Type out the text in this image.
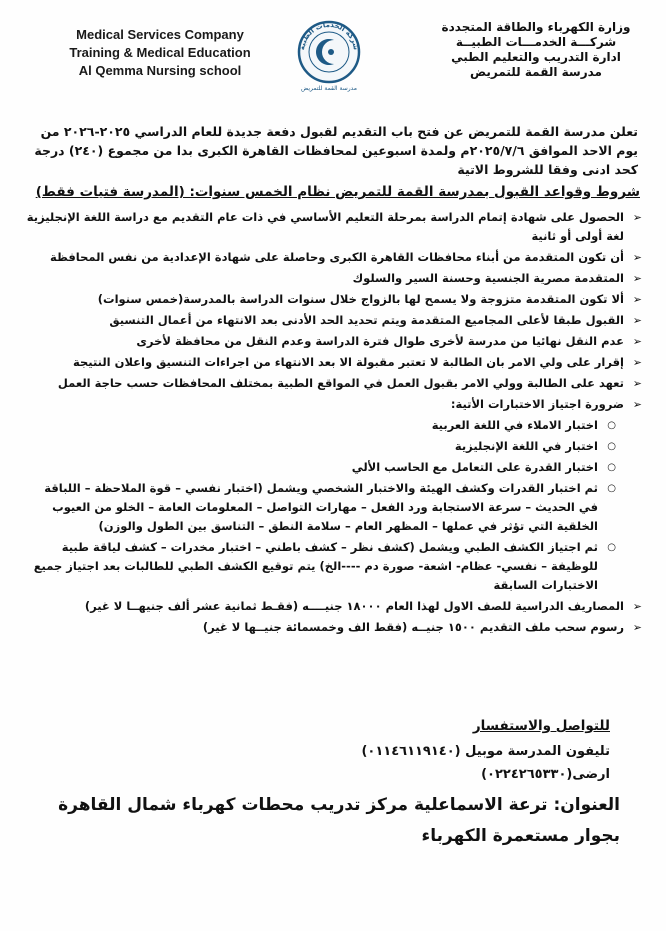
Medical Services Company
Training & Medical Education
Al Qemma Nursing school
شركة الخدمات الطبية
مدرسة القمة للتمريض
وزارة الكهرباء والطاقة المتجددة
شركـــة الخدمـــات الطبيــة
ادارة التدريب والتعليم الطبي
مدرسة القمة للتمريض
تعلن مدرسة القمة للتمريض عن فتح باب التقديم لقبول دفعة جديدة للعام الدراسي ٢٠٢٥-٢٠٢٦ من يوم الاحد الموافق ٢٠٢٥/٧/٦م ولمدة اسبوعين لمحافظات القاهرة الكبرى بدا من مجموع (٢٤٠) درجة كحد ادنى وفقا للشروط الاتية
شروط وقواعد القبول بمدرسة القمة للتمريض نظام الخمس سنوات: (المدرسة فتيات فقط)
➢
الحصول على شهادة إتمام الدراسة بمرحلة التعليم الأساسي في ذات عام التقديم مع دراسة اللغة الإنجليزية لغة أولى أو ثانية
➢
أن تكون المتقدمة من أبناء محافظات القاهرة الكبرى وحاصلة على شهادة الإعدادية من نفس المحافظة
➢
المتقدمة مصرية الجنسية وحسنة السير والسلوك
➢
ألا تكون المتقدمة متزوجة ولا يسمح لها بالزواج خلال سنوات الدراسة بالمدرسة(خمس سنوات)
➢
القبول طبقا لأعلى المجاميع المتقدمة ويتم تحديد الحد الأدنى بعد الانتهاء من أعمال التنسيق
➢
عدم النقل نهائيا من مدرسة لأخرى طوال فترة الدراسة وعدم النقل من محافظة لأخرى
➢
إقرار على ولي الامر بان الطالبة لا تعتبر مقبولة الا بعد الانتهاء من اجراءات التنسيق واعلان النتيجة
➢
تعهد على الطالبة وولي الامر بقبول العمل في المواقع الطبية بمختلف المحافظات حسب حاجة العمل
➢
ضرورة اجتياز الاختبارات الأتية:
○
اختبار الاملاء في اللغة العربية
○
اختبار في اللغة الإنجليزية
○
اختبار القدرة على التعامل مع الحاسب الألي
○
ثم اختبار القدرات وكشف الهيئة والاختبار الشخصي ويشمل (اختبار نفسي – قوة الملاحظة – اللباقة في الحديث – سرعة الاستجابة ورد الفعل – مهارات التواصل – المعلومات العامة – الخلو من العيوب الخلقية التي تؤثر في عملها – المظهر العام – سلامة النطق – التناسق بين الطول والوزن)
○
ثم اجتياز الكشف الطبي ويشمل (كشف نظر – كشف باطني – اختبار مخدرات – كشف لياقة طبية للوظيفة – نفسي- عظام- اشعة- صورة دم ----الخ) يتم توقيع الكشف الطبي للطالبات بعد اجتياز جميع الاختبارات السابقة
➢
المصاريف الدراسية للصف الاول لهذا العام ١٨٠٠٠ جنيــــه (فقـط ثمانية عشر ألف جنيهــا لا غير)
➢
رسوم سحب ملف التقديم ١٥٠٠ جنيــه (فقط الف وخمسمائة جنيــها لا غير)
للتواصل والاستفسار
تليفون المدرسة موبيل (٠١١٤٦١١٩١٤٠)
ارضى(٠٢٢٤٢٦٥٣٣٠)
العنوان: ترعة الاسماعلية مركز تدريب محطات كهرباء شمال القاهرة بجوار مستعمرة الكهرباء
